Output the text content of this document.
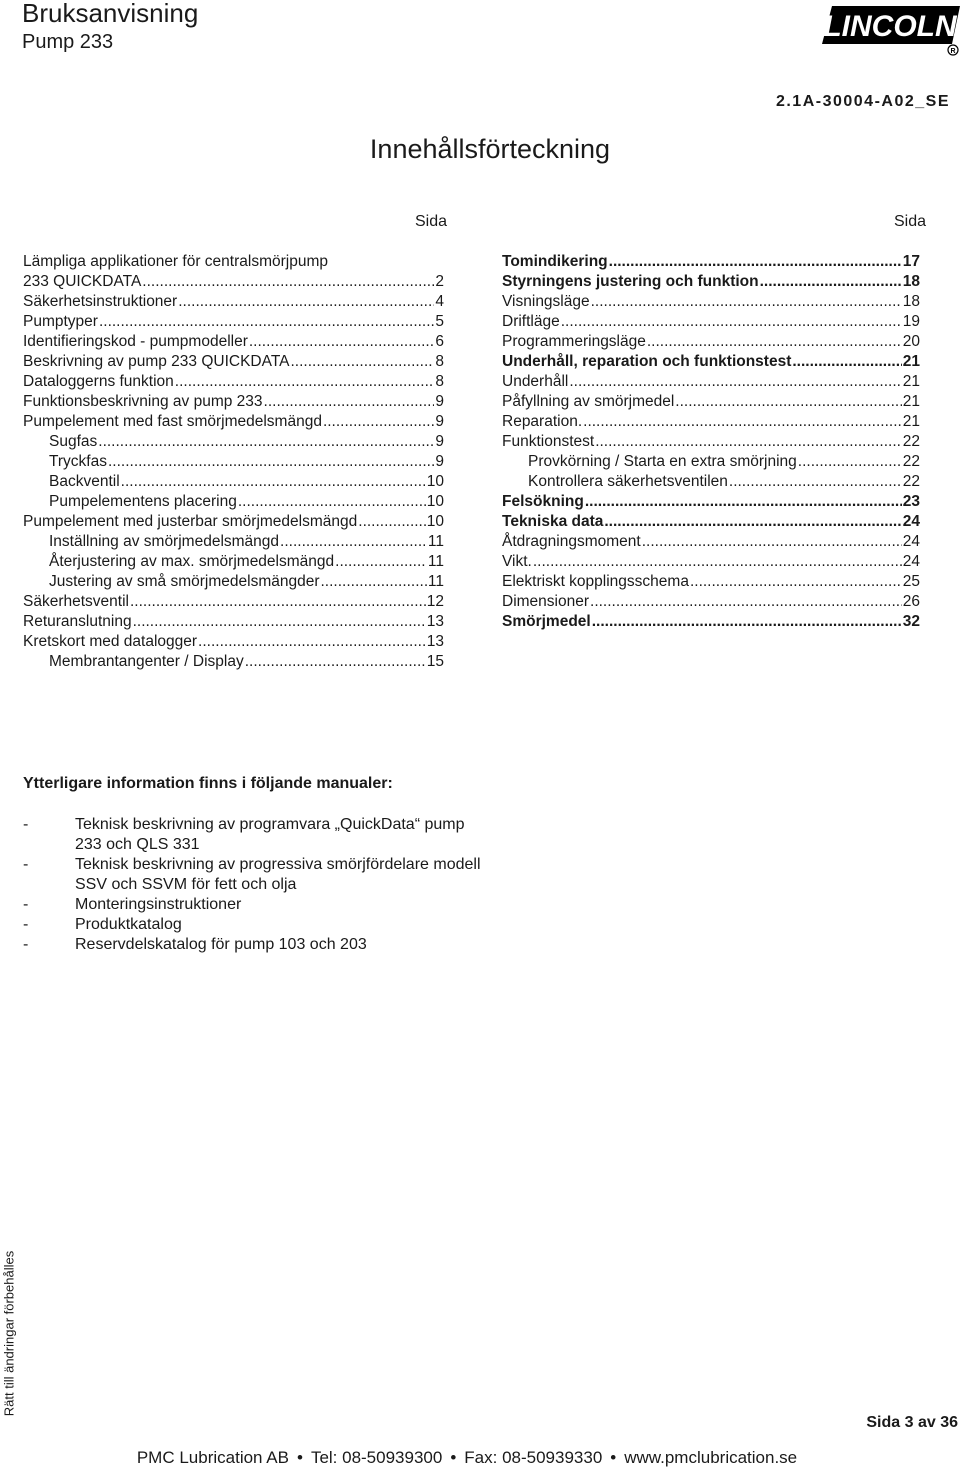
Bruksanvisning
Pump 233	LINCOLN
R
2.1A-30004-A02_SE
Innehållsförteckning
Sida	Sida
Lämpliga applikationer för centralsmörjpump
233 QUICKDATA .....	.......2
Säkerhetsinstruktioner .....	4
Pumptyper .....	5
Identifieringskod - pumpmodeller .....	6
Beskrivning av pump 233 QUICKDATA .....	8
Dataloggerns funktion .....	8
Funktionsbeskrivning av pump 233 .....	9
Pumpelement med fast smörjmedelsmängd .....	9
Sugfas .....	9
Tryckfas .....	9
Backventil .....	10
Pumpelementens placering .....	10
Pumpelement med justerbar smörjmedelsmängd .....	10
Inställning av smörjmedelsmängd .....	11
Återjustering av max. smörjmedelsmängd .....	11
Justering av små smörjmedelsmängder .....	11
Säkerhetsventil .....	12
Returanslutning .....	13
Kretskort med datalogger .....	13
Membrantangenter / Display .....	15
Tomindikering .....	17
Styrningens justering och funktion .....	18
Visningsläge .....	18
Driftläge .....	19
Programmeringsläge .....	20
Underhåll, reparation och funktionstest .....	21
Underhåll .....	21
Påfyllning av smörjmedel .....	21
Reparation. .....	21
Funktionstest .....	22
Provkörning / Starta en extra smörjning .....	22
Kontrollera säkerhetsventilen .....	22
Felsökning .....	23
Tekniska data .....	24
Åtdragningsmoment .....	24
Vikt. .....	24
Elektriskt kopplingsschema .....	25
Dimensioner .....	26
Smörjmedel .....	32
Ytterligare information finns i följande manualer:
-	Teknisk beskrivning av programvara „QuickData“ pump 233 och QLS 331
-	Teknisk beskrivning av progressiva smörjfördelare modell SSV och SSVM för fett och olja
-	Monteringsinstruktioner
-	Produktkatalog
-	Reservdelskatalog för pump 103 och 203
Rätt till ändringar förbehålles
Sida 3 av 36
PMC Lubrication AB • Tel: 08-50939300 • Fax: 08-50939330 • www.pmclubrication.se
